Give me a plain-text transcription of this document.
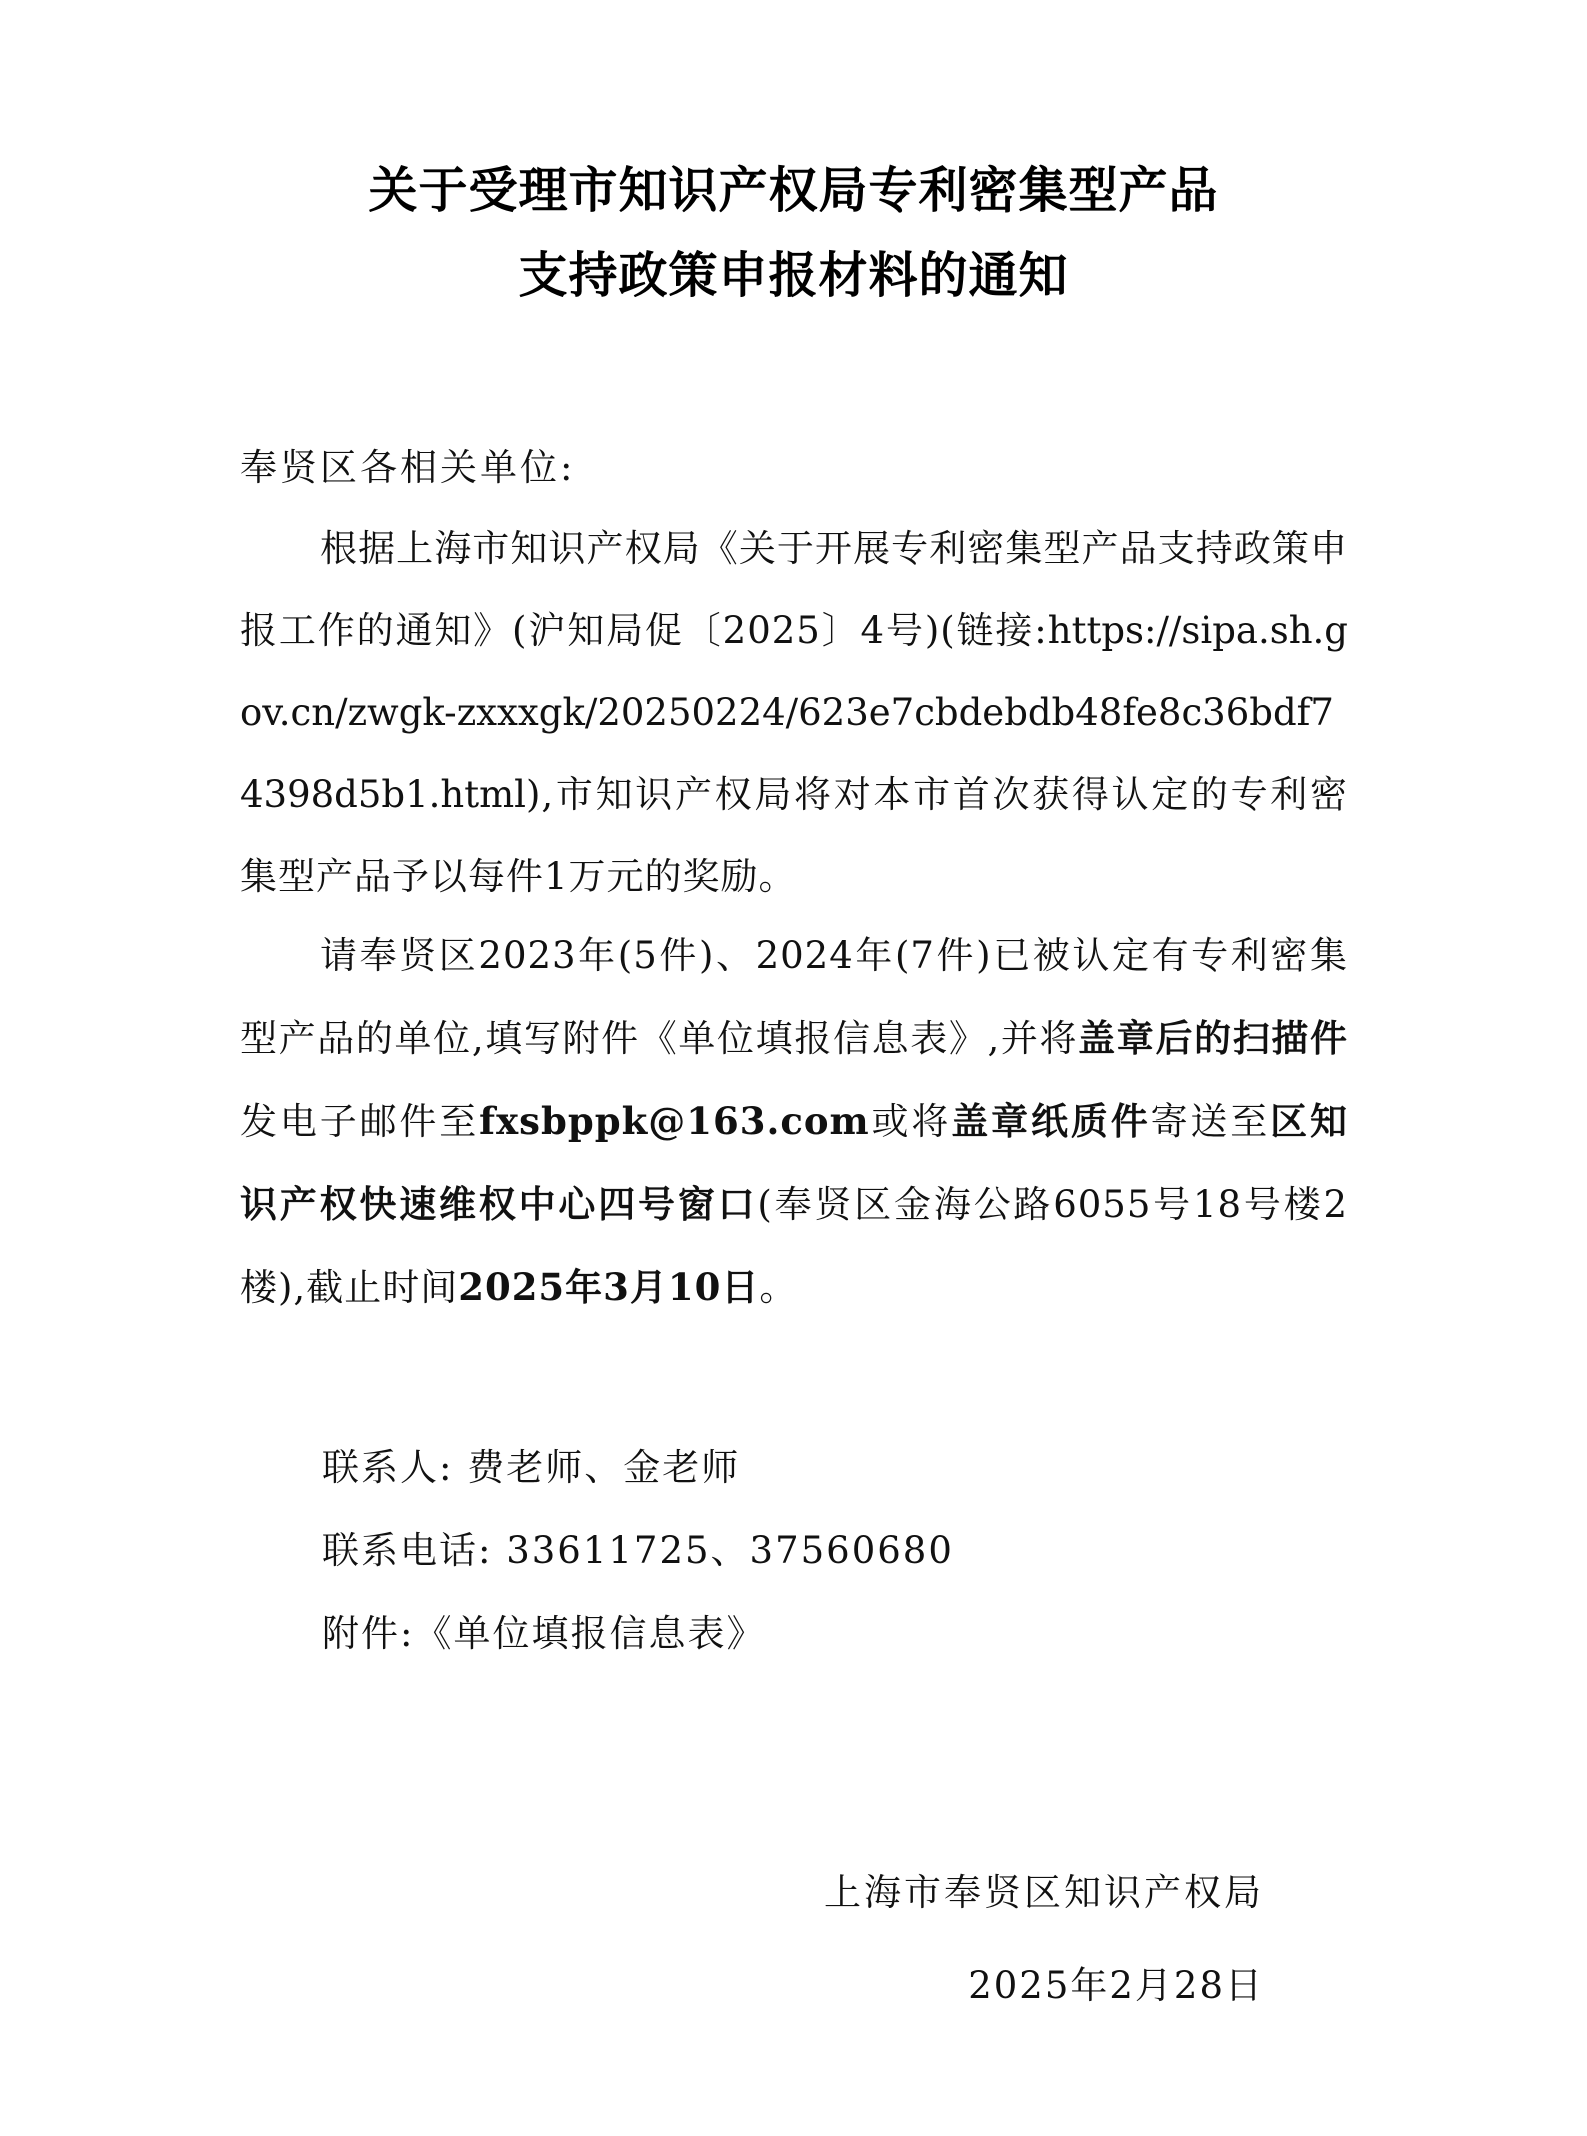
关于受理市知识产权局专利密集型产品
支持政策申报材料的通知
奉贤区各相关单位:
根据上海市知识产权局《关于开展专利密集型产品支持政策申报工作的通知》(沪知局促〔2025〕4号)(链接:https://sipa.sh.gov.cn/zwgk-zxxxgk/20250224/623e7cbdebdb48fe8c36bdf74398d5b1.html),市知识产权局将对本市首次获得认定的专利密集型产品予以每件1万元的奖励。
请奉贤区2023年(5件)、2024年(7件)已被认定有专利密集型产品的单位,填写附件《单位填报信息表》,并将盖章后的扫描件发电子邮件至fxsbppk@163.com或将盖章纸质件寄送至区知识产权快速维权中心四号窗口(奉贤区金海公路6055号18号楼2楼),截止时间2025年3月10日。
联系人: 费老师、金老师
联系电话: 33611725、37560680
附件:《单位填报信息表》
上海市奉贤区知识产权局
2025年2月28日
